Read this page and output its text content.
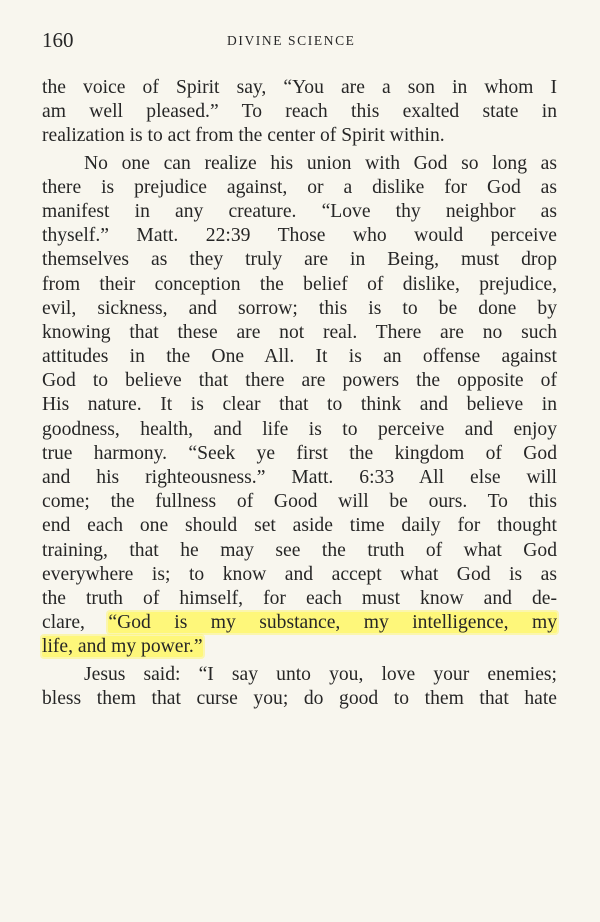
160	DIVINE SCIENCE
the voice of Spirit say, “You are a son in whom I
am well pleased.” To reach this exalted state in
realization is to act from the center of Spirit within.
No one can realize his union with God so long as
there is prejudice against, or a dislike for God as
manifest in any creature. “Love thy neighbor as
thyself.” Matt. 22:39 Those who would perceive
themselves as they truly are in Being, must drop
from their conception the belief of dislike, prejudice,
evil, sickness, and sorrow; this is to be done by
knowing that these are not real. There are no such
attitudes in the One All. It is an offense against
God to believe that there are powers the opposite of
His nature. It is clear that to think and believe in
goodness, health, and life is to perceive and enjoy
true harmony. “Seek ye first the kingdom of God
and his righteousness.” Matt. 6:33 All else will
come; the fullness of Good will be ours. To this
end each one should set aside time daily for thought
training, that he may see the truth of what God
everywhere is; to know and accept what God is as
the truth of himself, for each must know and de-
clare, “God is my substance, my intelligence, my
life, and my power.”
Jesus said: “I say unto you, love your enemies;
bless them that curse you; do good to them that hate
